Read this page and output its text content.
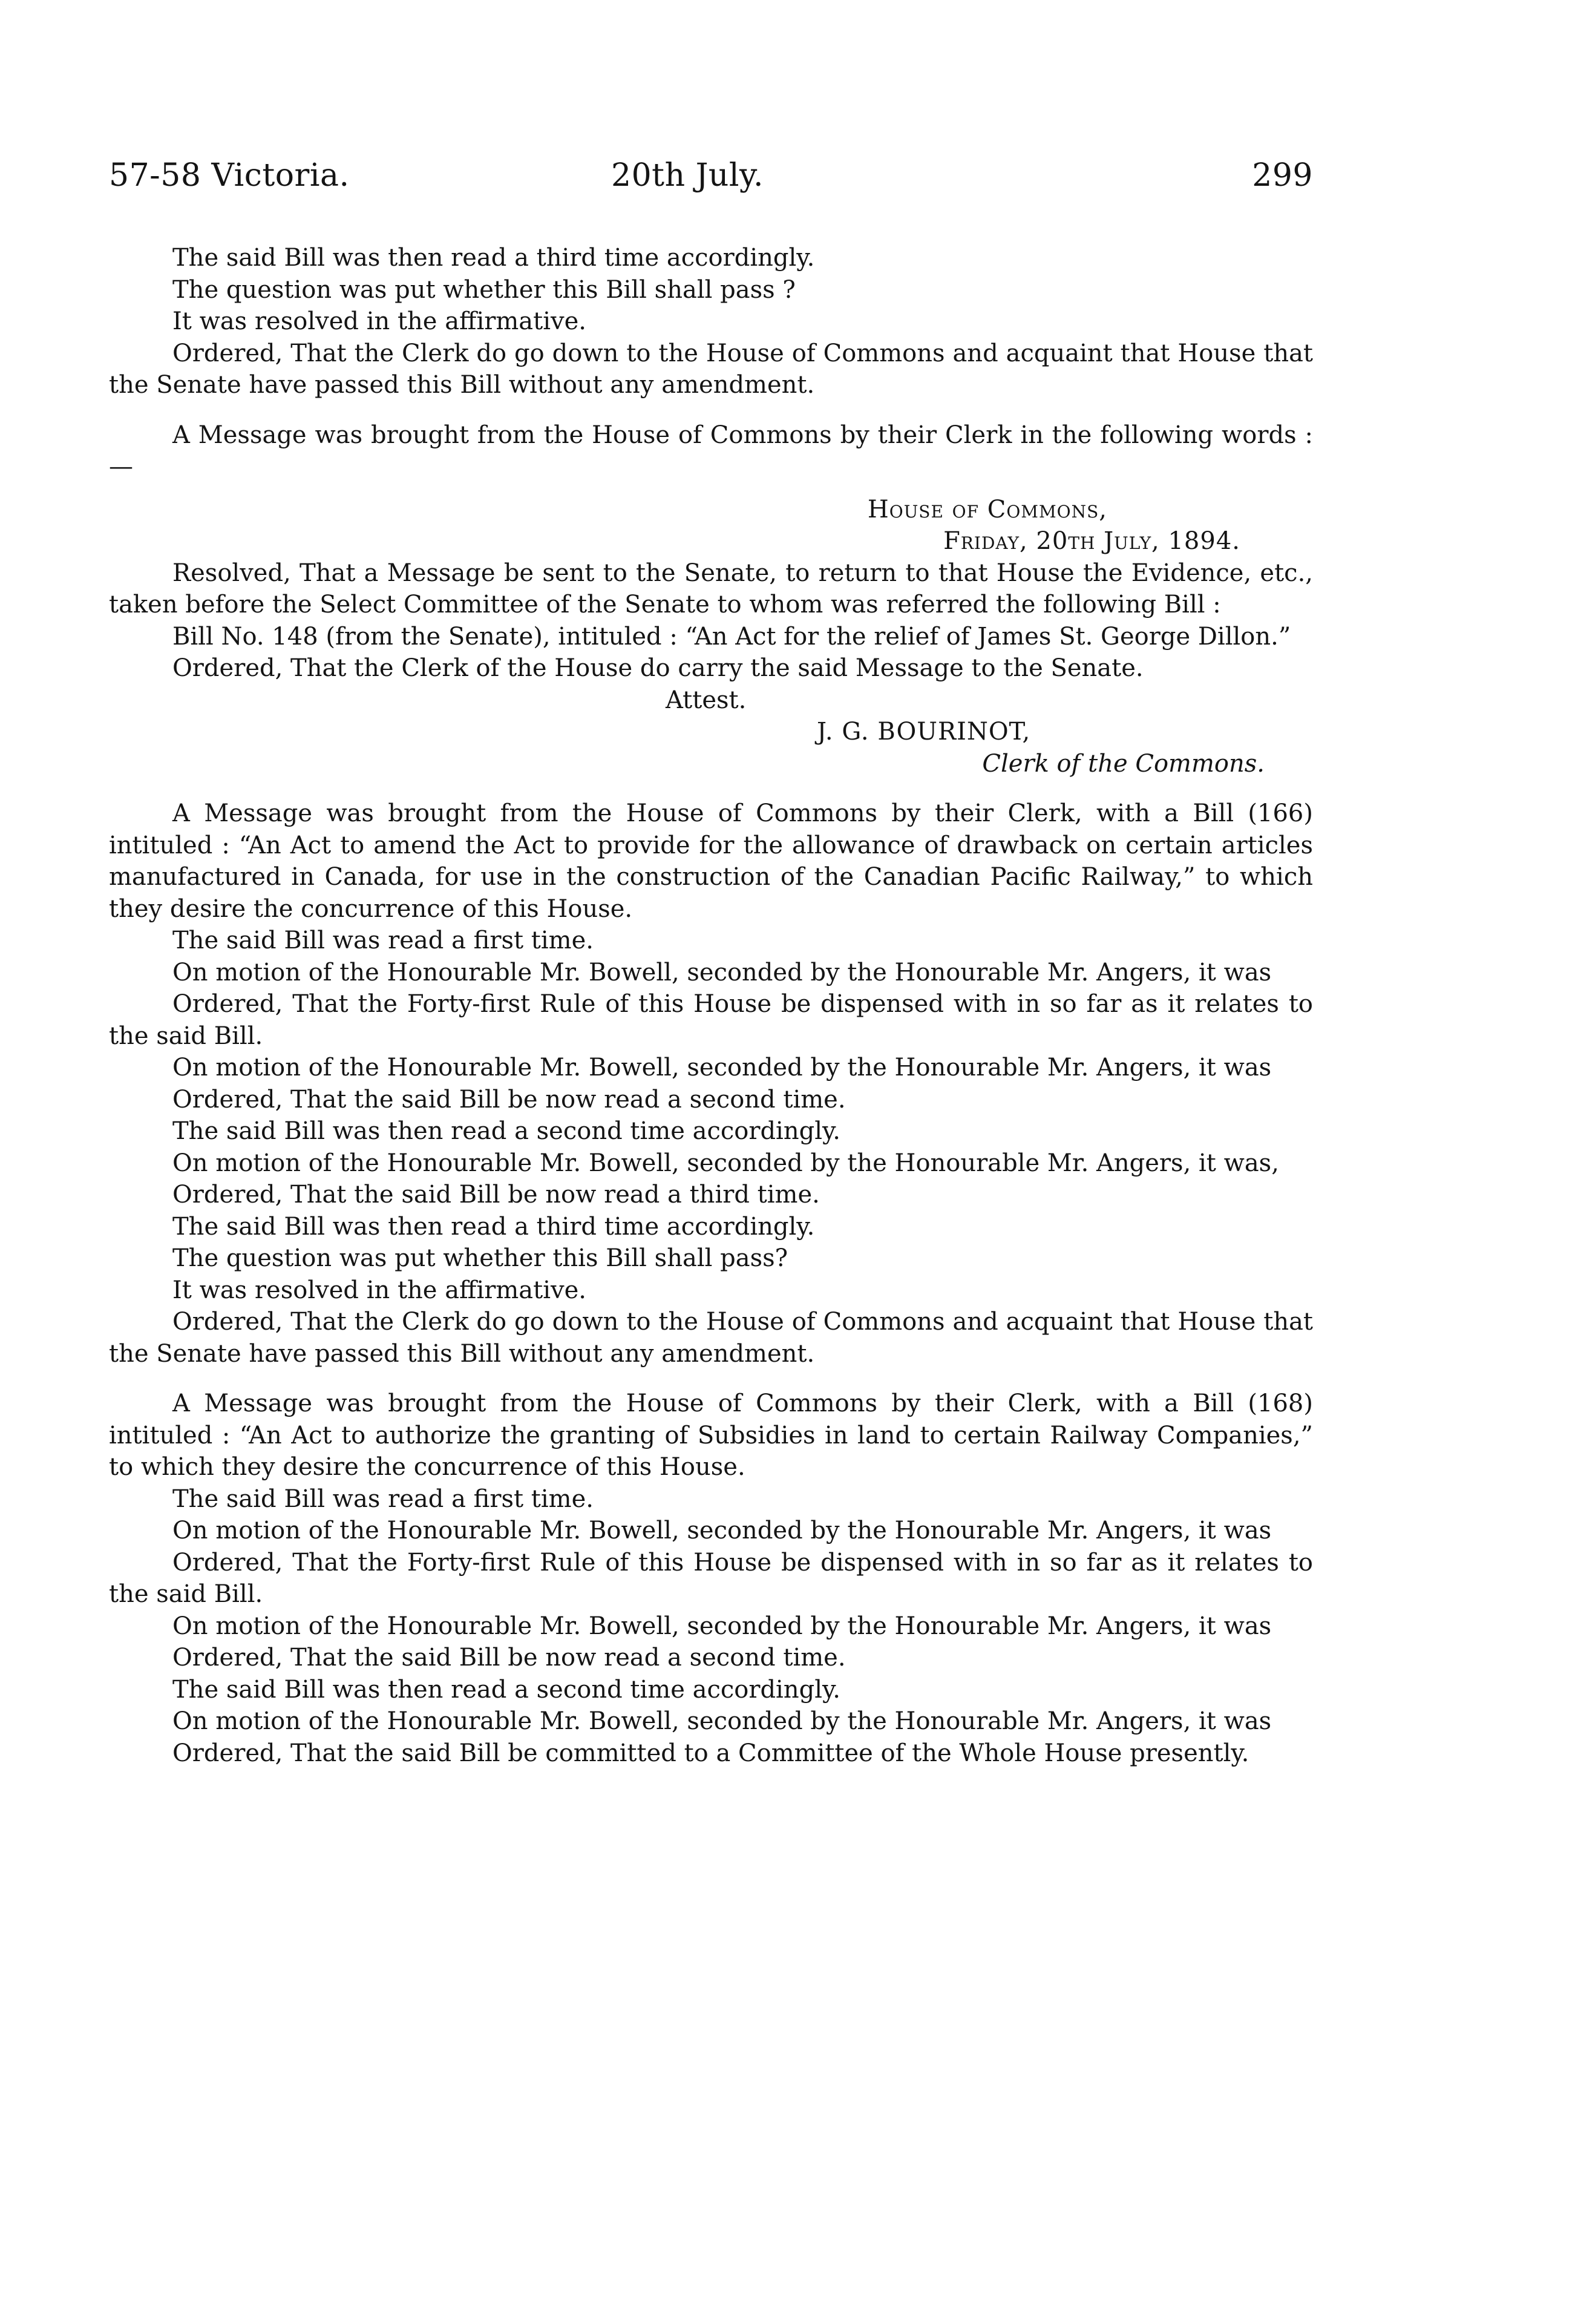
57-58 Victoria.	20th July.	299

The said Bill was then read a third time accordingly.

The question was put whether this Bill shall pass ?

It was resolved in the affirmative.

Ordered, That the Clerk do go down to the House of Commons and acquaint that House that the Senate have passed this Bill without any amendment.

A Message was brought from the House of Commons by their Clerk in the following words :—

House of Commons,

Friday, 20th July, 1894.

Resolved, That a Message be sent to the Senate, to return to that House the Evidence, etc., taken before the Select Committee of the Senate to whom was referred the following Bill :

Bill No. 148 (from the Senate), intituled : “An Act for the relief of James St. George Dillon.”

Ordered, That the Clerk of the House do carry the said Message to the Senate.

Attest.

J. G. BOURINOT,

Clerk of the Commons.

A Message was brought from the House of Commons by their Clerk, with a Bill (166) intituled : “An Act to amend the Act to provide for the allowance of drawback on certain articles manufactured in Canada, for use in the construction of the Canadian Pacific Railway,” to which they desire the concurrence of this House.

The said Bill was read a first time.

On motion of the Honourable Mr. Bowell, seconded by the Honourable Mr. Angers, it was

Ordered, That the Forty-first Rule of this House be dispensed with in so far as it relates to the said Bill.

On motion of the Honourable Mr. Bowell, seconded by the Honourable Mr. Angers, it was

Ordered, That the said Bill be now read a second time.

The said Bill was then read a second time accordingly.

On motion of the Honourable Mr. Bowell, seconded by the Honourable Mr. Angers, it was,

Ordered, That the said Bill be now read a third time.

The said Bill was then read a third time accordingly.

The question was put whether this Bill shall pass?

It was resolved in the affirmative.

Ordered, That the Clerk do go down to the House of Commons and acquaint that House that the Senate have passed this Bill without any amendment.

A Message was brought from the House of Commons by their Clerk, with a Bill (168) intituled : “An Act to authorize the granting of Subsidies in land to certain Railway Companies,” to which they desire the concurrence of this House.

The said Bill was read a first time.

On motion of the Honourable Mr. Bowell, seconded by the Honourable Mr. Angers, it was

Ordered, That the Forty-first Rule of this House be dispensed with in so far as it relates to the said Bill.

On motion of the Honourable Mr. Bowell, seconded by the Honourable Mr. Angers, it was

Ordered, That the said Bill be now read a second time.

The said Bill was then read a second time accordingly.

On motion of the Honourable Mr. Bowell, seconded by the Honourable Mr. Angers, it was

Ordered, That the said Bill be committed to a Committee of the Whole House presently.
